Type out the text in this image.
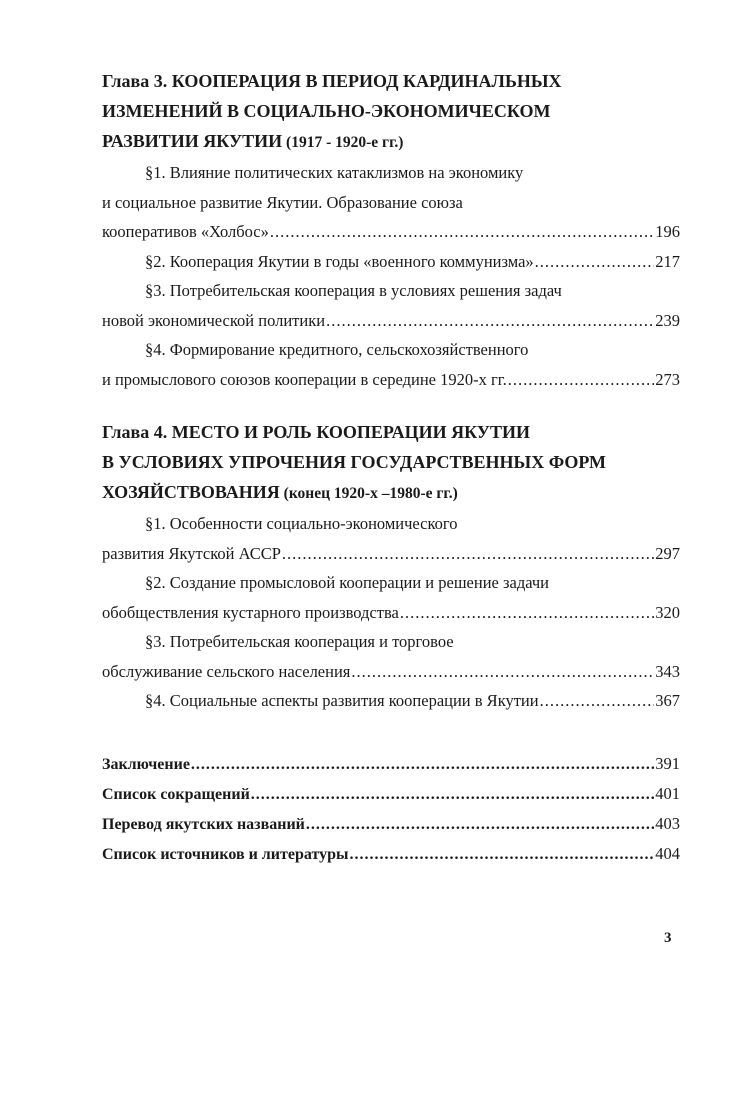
Глава 3. КООПЕРАЦИЯ В ПЕРИОД КАРДИНАЛЬНЫХ
ИЗМЕНЕНИЙ В СОЦИАЛЬНО-ЭКОНОМИЧЕСКОМ
РАЗВИТИИ ЯКУТИИ (1917 - 1920-е гг.)
§1. Влияние политических катаклизмов на экономику
и социальное развитие Якутии. Образование союза
кооперативов «Холбос» .....	196
§2. Кооперация Якутии в годы «военного коммунизма» .....	217
§3. Потребительская кооперация в условиях решения задач
новой экономической политики .....	239
§4. Формирование кредитного, сельскохозяйственного
и промыслового союзов кооперации в середине 1920-х гг. .....	273
Глава 4. МЕСТО И РОЛЬ КООПЕРАЦИИ ЯКУТИИ
В УСЛОВИЯХ УПРОЧЕНИЯ ГОСУДАРСТВЕННЫХ ФОРМ
ХОЗЯЙСТВОВАНИЯ (конец 1920-х –1980-е гг.)
§1. Особенности социально-экономического
развития Якутской АССР .....	297
§2. Создание промысловой кооперации и решение задачи
обобществления кустарного производства .....	320
§3. Потребительская кооперация и торговое
обслуживание сельского населения .....	343
§4. Социальные аспекты развития кооперации в Якутии .....	367
Заключение .....	391
Список сокращений .....	401
Перевод якутских названий .....	403
Список источников и литературы .....	404
3
